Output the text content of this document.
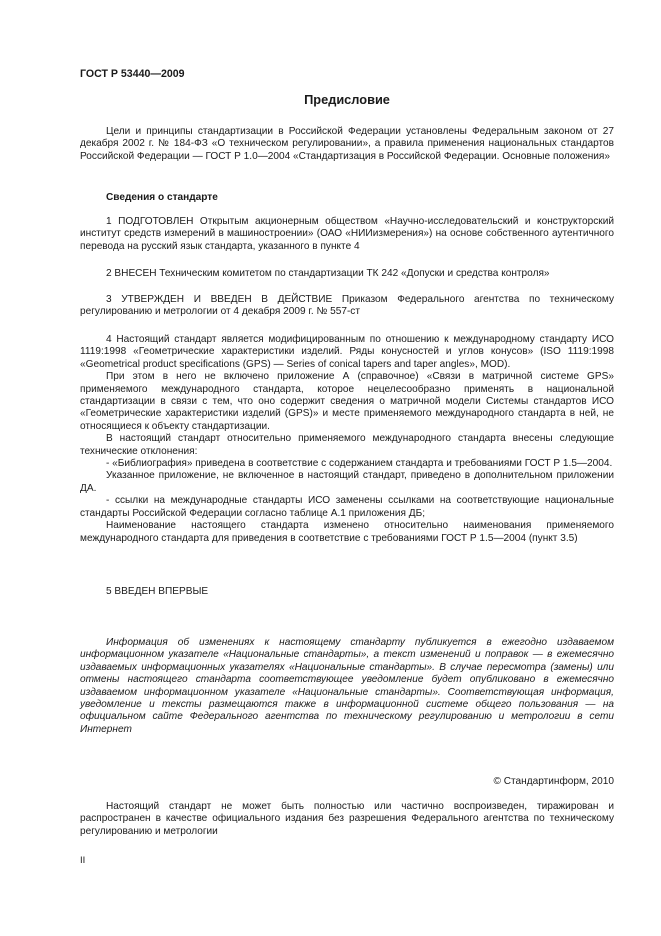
ГОСТ Р 53440—2009
Предисловие

Цели и принципы стандартизации в Российской Федерации установлены Федеральным законом от 27 декабря 2002 г. № 184-ФЗ «О техническом регулировании», а правила применения национальных стандартов Российской Федерации — ГОСТ Р 1.0—2004 «Стандартизация в Российской Федерации. Основные положения»

Сведения о стандарте

1 ПОДГОТОВЛЕН Открытым акционерным обществом «Научно-исследовательский и конструкторский институт средств измерений в машиностроении» (ОАО «НИИизмерения») на основе собственного аутентичного перевода на русский язык стандарта, указанного в пункте 4

2 ВНЕСЕН Техническим комитетом по стандартизации ТК 242 «Допуски и средства контроля»

3 УТВЕРЖДЕН И ВВЕДЕН В ДЕЙСТВИЕ Приказом Федерального агентства по техническому регулированию и метрологии от 4 декабря 2009 г. № 557-ст

4 Настоящий стандарт является модифицированным по отношению к международному стандарту ИСО 1119:1998 «Геометрические характеристики изделий. Ряды конусностей и углов конусов» (ISO 1119:1998 «Geometrical product specifications (GPS) — Series of conical tapers and taper angles», MOD).

При этом в него не включено приложение А (справочное) «Связи в матричной системе GPS» применяемого международного стандарта, которое нецелесообразно применять в национальной стандартизации в связи с тем, что оно содержит сведения о матричной модели Системы стандартов ИСО «Геометрические характеристики изделий (GPS)» и месте применяемого международного стандарта в ней, не относящиеся к объекту стандартизации.

В настоящий стандарт относительно применяемого международного стандарта внесены следующие технические отклонения:

- «Библиография» приведена в соответствие с содержанием стандарта и требованиями ГОСТ Р 1.5—2004.

Указанное приложение, не включенное в настоящий стандарт, приведено в дополнительном приложении ДА.

- ссылки на международные стандарты ИСО заменены ссылками на соответствующие национальные стандарты Российской Федерации согласно таблице А.1 приложения ДБ;

Наименование настоящего стандарта изменено относительно наименования применяемого международного стандарта для приведения в соответствие с требованиями ГОСТ Р 1.5—2004 (пункт 3.5)

5 ВВЕДЕН ВПЕРВЫЕ

Информация об изменениях к настоящему стандарту публикуется в ежегодно издаваемом информационном указателе «Национальные стандарты», а текст изменений и поправок — в ежемесячно издаваемых информационных указателях «Национальные стандарты». В случае пересмотра (замены) или отмены настоящего стандарта соответствующее уведомление будет опубликовано в ежемесячно издаваемом информационном указателе «Национальные стандарты». Соответствующая информация, уведомление и тексты размещаются также в информационной системе общего пользования — на официальном сайте Федерального агентства по техническому регулированию и метрологии в сети Интернет

© Стандартинформ, 2010

Настоящий стандарт не может быть полностью или частично воспроизведен, тиражирован и распространен в качестве официального издания без разрешения Федерального агентства по техническому регулированию и метрологии

II
